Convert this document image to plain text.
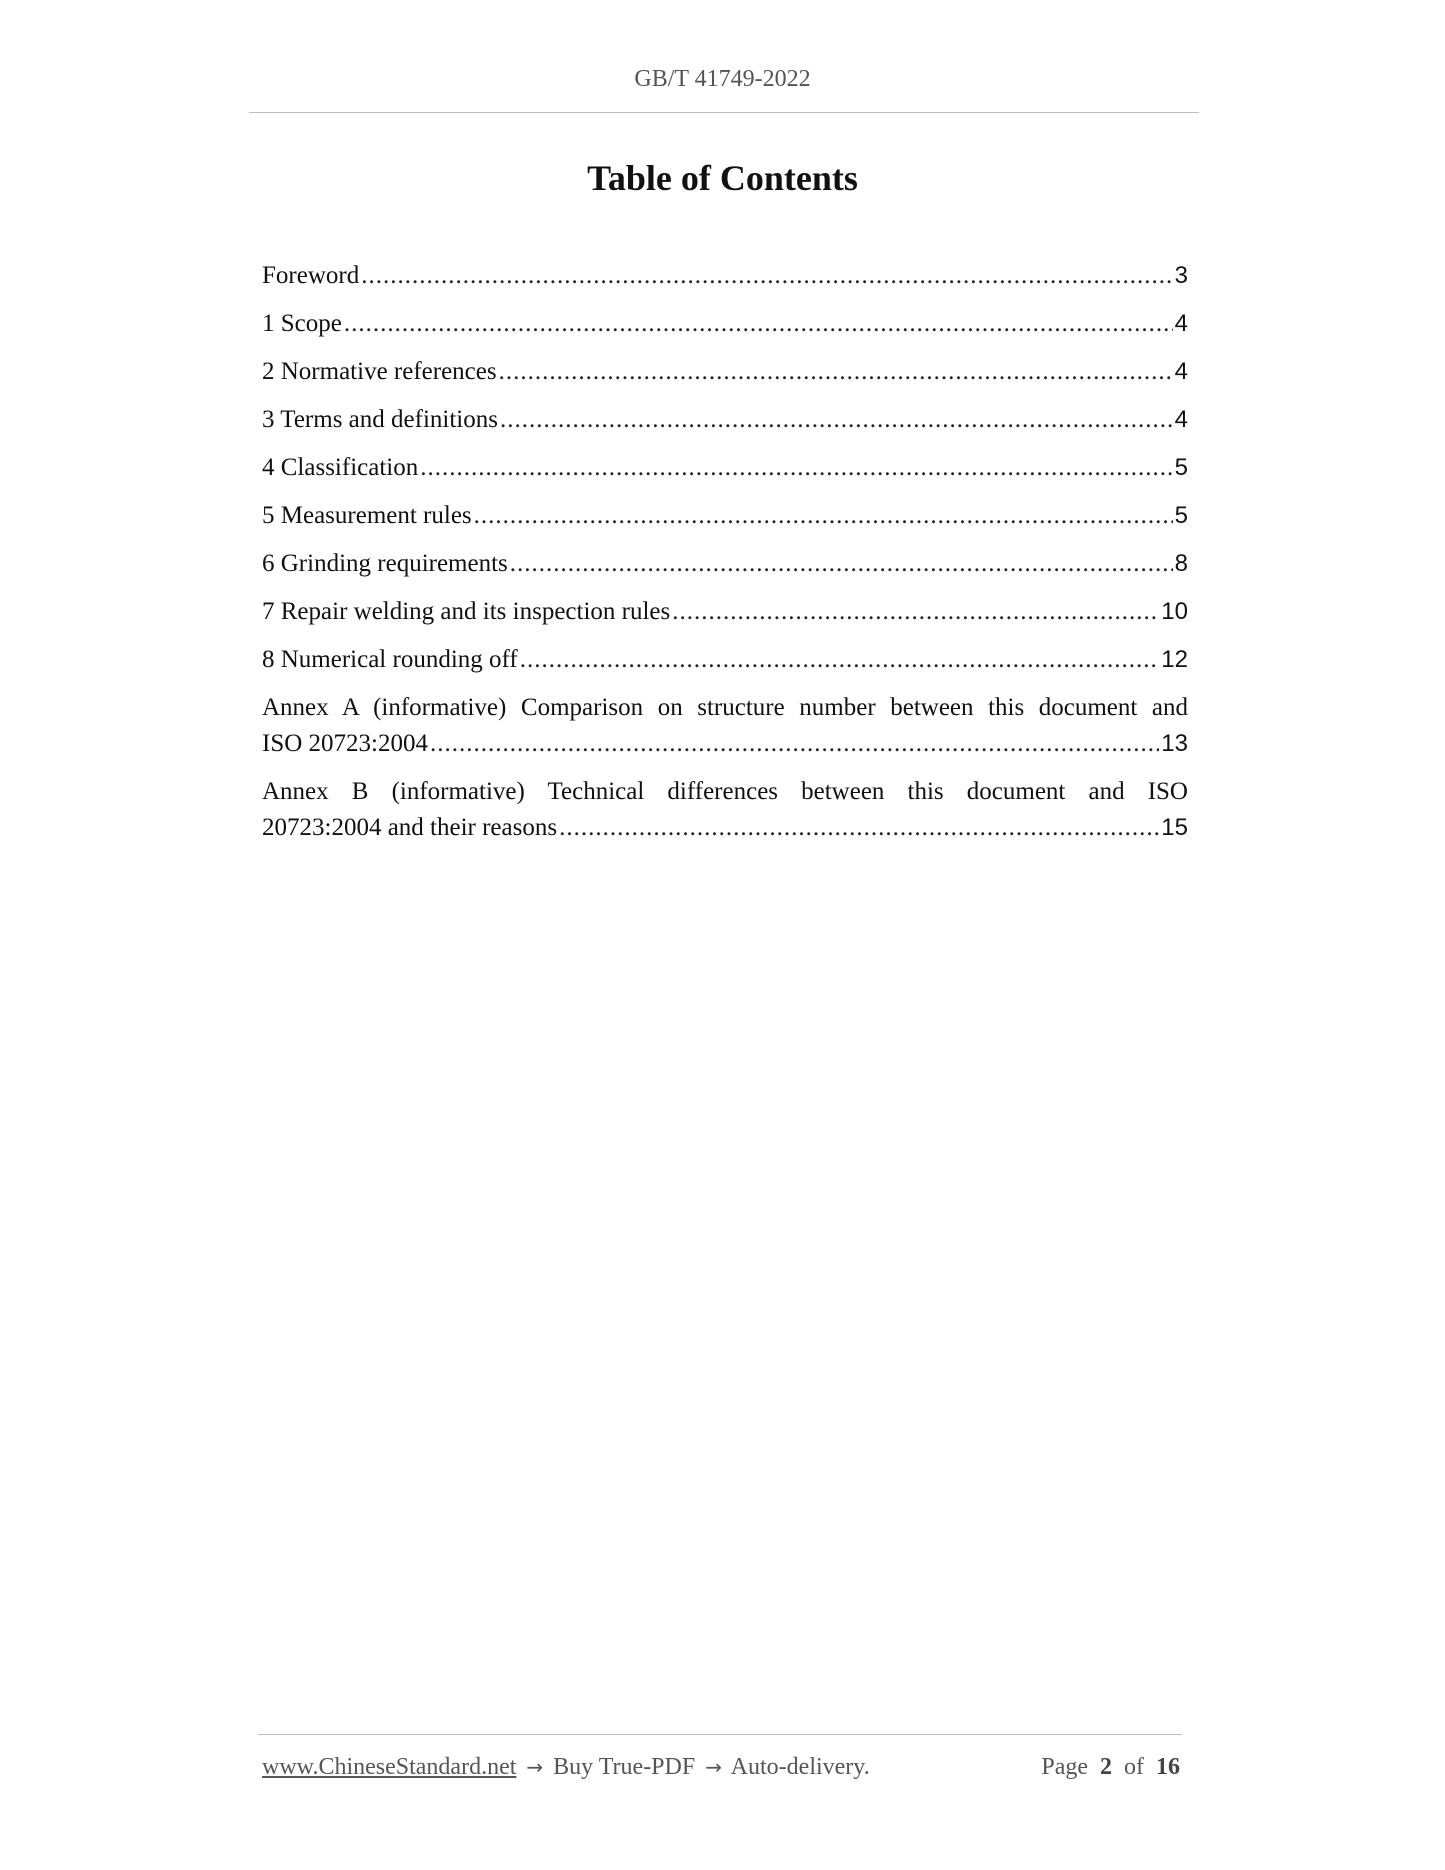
GB/T 41749-2022
Table of Contents
Foreword .....	3
1 Scope .....	4
2 Normative references .....	4
3 Terms and definitions .....	4
4 Classification .....	5
5 Measurement rules .....	5
6 Grinding requirements .....	8
7 Repair welding and its inspection rules .....	10
8 Numerical rounding off .....	12
Annex A (informative) Comparison on structure number between this document and
ISO 20723:2004 .....	13
Annex B (informative) Technical differences between this document and ISO
20723:2004 and their reasons .....	15
www.ChineseStandard.net → Buy True-PDF → Auto-delivery.	Page 2 of 16
